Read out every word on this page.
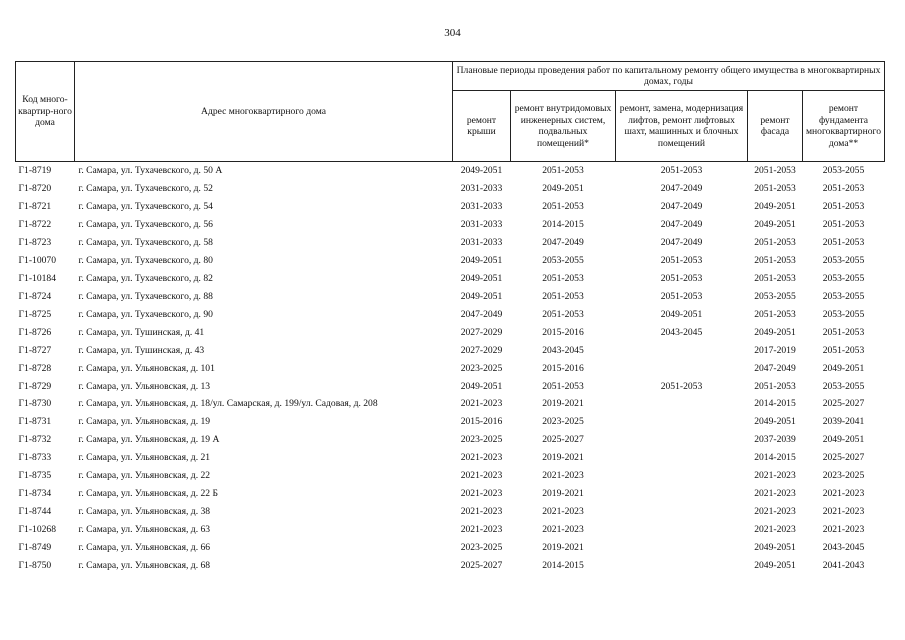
304
Код много-квартир-ного дома	Адрес многоквартирного дома	Плановые периоды проведения работ по капитальному ремонту общего имущества в многоквартирных домах, годы				
		ремонт крыши	ремонт внутридомовых инженерных систем, подвальных помещений*	ремонт, замена, модернизация лифтов, ремонт лифтовых шахт, машинных и блочных помещений	ремонт фасада	ремонт фундамента многоквартирного дома**
Г1-8719	г. Самара, ул. Тухачевского, д. 50 А	2049-2051	2051-2053	2051-2053	2051-2053	2053-2055
Г1-8720	г. Самара, ул. Тухачевского, д. 52	2031-2033	2049-2051	2047-2049	2051-2053	2051-2053
Г1-8721	г. Самара, ул. Тухачевского, д. 54	2031-2033	2051-2053	2047-2049	2049-2051	2051-2053
Г1-8722	г. Самара, ул. Тухачевского, д. 56	2031-2033	2014-2015	2047-2049	2049-2051	2051-2053
Г1-8723	г. Самара, ул. Тухачевского, д. 58	2031-2033	2047-2049	2047-2049	2051-2053	2051-2053
Г1-10070	г. Самара, ул. Тухачевского, д. 80	2049-2051	2053-2055	2051-2053	2051-2053	2053-2055
Г1-10184	г. Самара, ул. Тухачевского, д. 82	2049-2051	2051-2053	2051-2053	2051-2053	2053-2055
Г1-8724	г. Самара, ул. Тухачевского, д. 88	2049-2051	2051-2053	2051-2053	2053-2055	2053-2055
Г1-8725	г. Самара, ул. Тухачевского, д. 90	2047-2049	2051-2053	2049-2051	2051-2053	2053-2055
Г1-8726	г. Самара, ул. Тушинская, д. 41	2027-2029	2015-2016	2043-2045	2049-2051	2051-2053
Г1-8727	г. Самара, ул. Тушинская, д. 43	2027-2029	2043-2045		2017-2019	2051-2053
Г1-8728	г. Самара, ул. Ульяновская, д. 101	2023-2025	2015-2016		2047-2049	2049-2051
Г1-8729	г. Самара, ул. Ульяновская, д. 13	2049-2051	2051-2053	2051-2053	2051-2053	2053-2055
Г1-8730	г. Самара, ул. Ульяновская, д. 18/ул. Самарская, д. 199/ул. Садовая, д. 208	2021-2023	2019-2021		2014-2015	2025-2027
Г1-8731	г. Самара, ул. Ульяновская, д. 19	2015-2016	2023-2025		2049-2051	2039-2041
Г1-8732	г. Самара, ул. Ульяновская, д. 19 А	2023-2025	2025-2027		2037-2039	2049-2051
Г1-8733	г. Самара, ул. Ульяновская, д. 21	2021-2023	2019-2021		2014-2015	2025-2027
Г1-8735	г. Самара, ул. Ульяновская, д. 22	2021-2023	2021-2023		2021-2023	2023-2025
Г1-8734	г. Самара, ул. Ульяновская, д. 22 Б	2021-2023	2019-2021		2021-2023	2021-2023
Г1-8744	г. Самара, ул. Ульяновская, д. 38	2021-2023	2021-2023		2021-2023	2021-2023
Г1-10268	г. Самара, ул. Ульяновская, д. 63	2021-2023	2021-2023		2021-2023	2021-2023
Г1-8749	г. Самара, ул. Ульяновская, д. 66	2023-2025	2019-2021		2049-2051	2043-2045
Г1-8750	г. Самара, ул. Ульяновская, д. 68	2025-2027	2014-2015		2049-2051	2041-2043
